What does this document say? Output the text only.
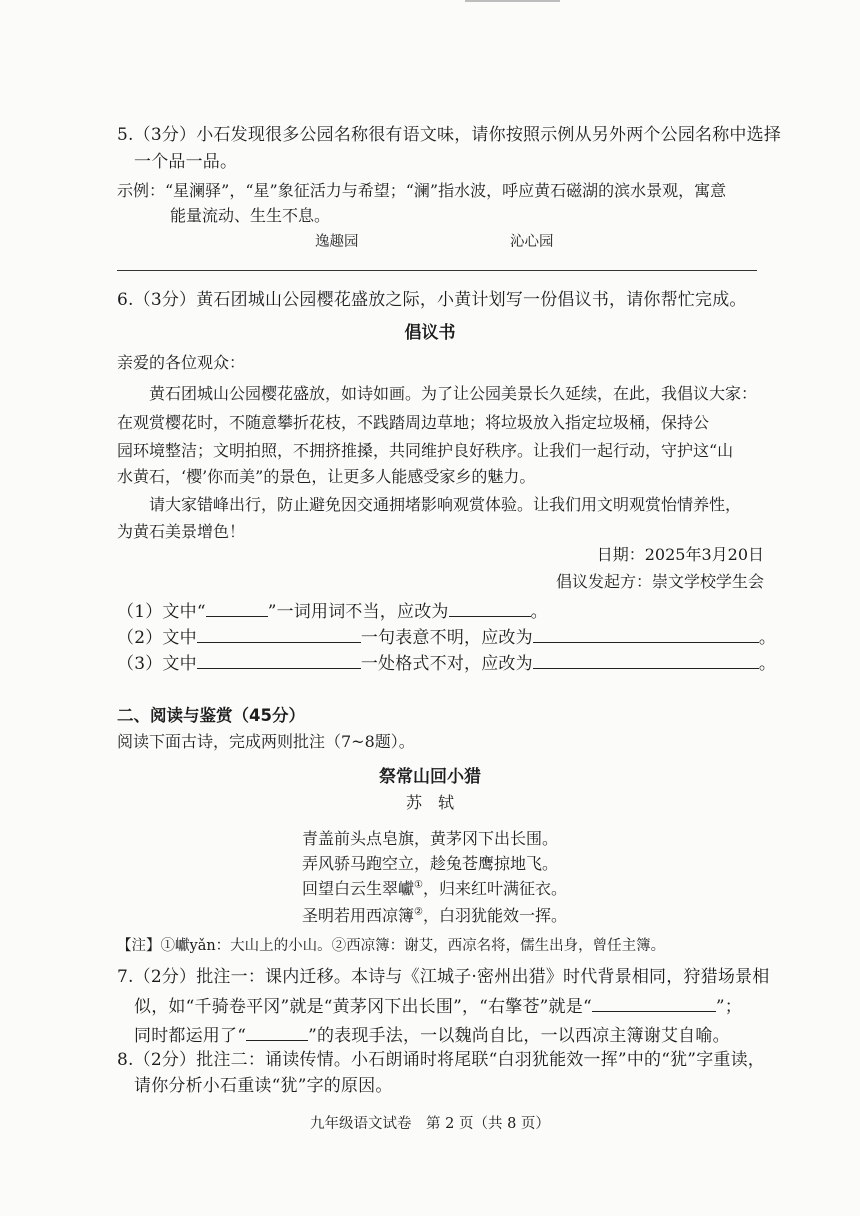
5.（3分）小石发现很多公园名称很有语文味，请你按照示例从另外两个公园名称中选择
一个品一品。
示例：“星澜驿”，“星”象征活力与希望；“澜”指水波，呼应黄石磁湖的滨水景观，寓意
能量流动、生生不息。
逸趣园	沁心园
6.（3分）黄石团城山公园樱花盛放之际，小黄计划写一份倡议书，请你帮忙完成。
倡议书
亲爱的各位观众：
黄石团城山公园樱花盛放，如诗如画。为了让公园美景长久延续，在此，我倡议大家：
在观赏樱花时，不随意攀折花枝，不践踏周边草地；将垃圾放入指定垃圾桶，保持公
园环境整洁；文明拍照，不拥挤推搡，共同维护良好秩序。让我们一起行动，守护这“山
水黄石，‘樱’你而美”的景色，让更多人能感受家乡的魅力。
请大家错峰出行，防止避免因交通拥堵影响观赏体验。让我们用文明观赏怡情养性，
为黄石美景增色！
日期：2025年3月20日
倡议发起方：崇文学校学生会
（1）文中“	”一词用词不当，应改为	。
（2）文中	一句表意不明，应改为	。
（3）文中	一处格式不对，应改为	。
二、阅读与鉴赏（45分）
阅读下面古诗，完成两则批注（7~8题）。
祭常山回小猎
苏　轼
青盖前头点皂旗，黄茅冈下出长围。
弄风骄马跑空立，趁兔苍鹰掠地飞。
回望白云生翠巘①，归来红叶满征衣。
圣明若用西凉簿②，白羽犹能效一挥。
【注】①巘yǎn：大山上的小山。②西凉簿：谢艾，西凉名将，儒生出身，曾任主簿。
7.（2分）批注一：课内迁移。本诗与《江城子·密州出猎》时代背景相同，狩猎场景相
似，如“千骑卷平冈”就是“黄茅冈下出长围”，“右擎苍”就是“	”；
同时都运用了“	”的表现手法，一以魏尚自比，一以西凉主簿谢艾自喻。
8.（2分）批注二：诵读传情。小石朗诵时将尾联“白羽犹能效一挥”中的“犹”字重读，
请你分析小石重读“犹”字的原因。
九年级语文试卷　第 2 页（共 8 页）
